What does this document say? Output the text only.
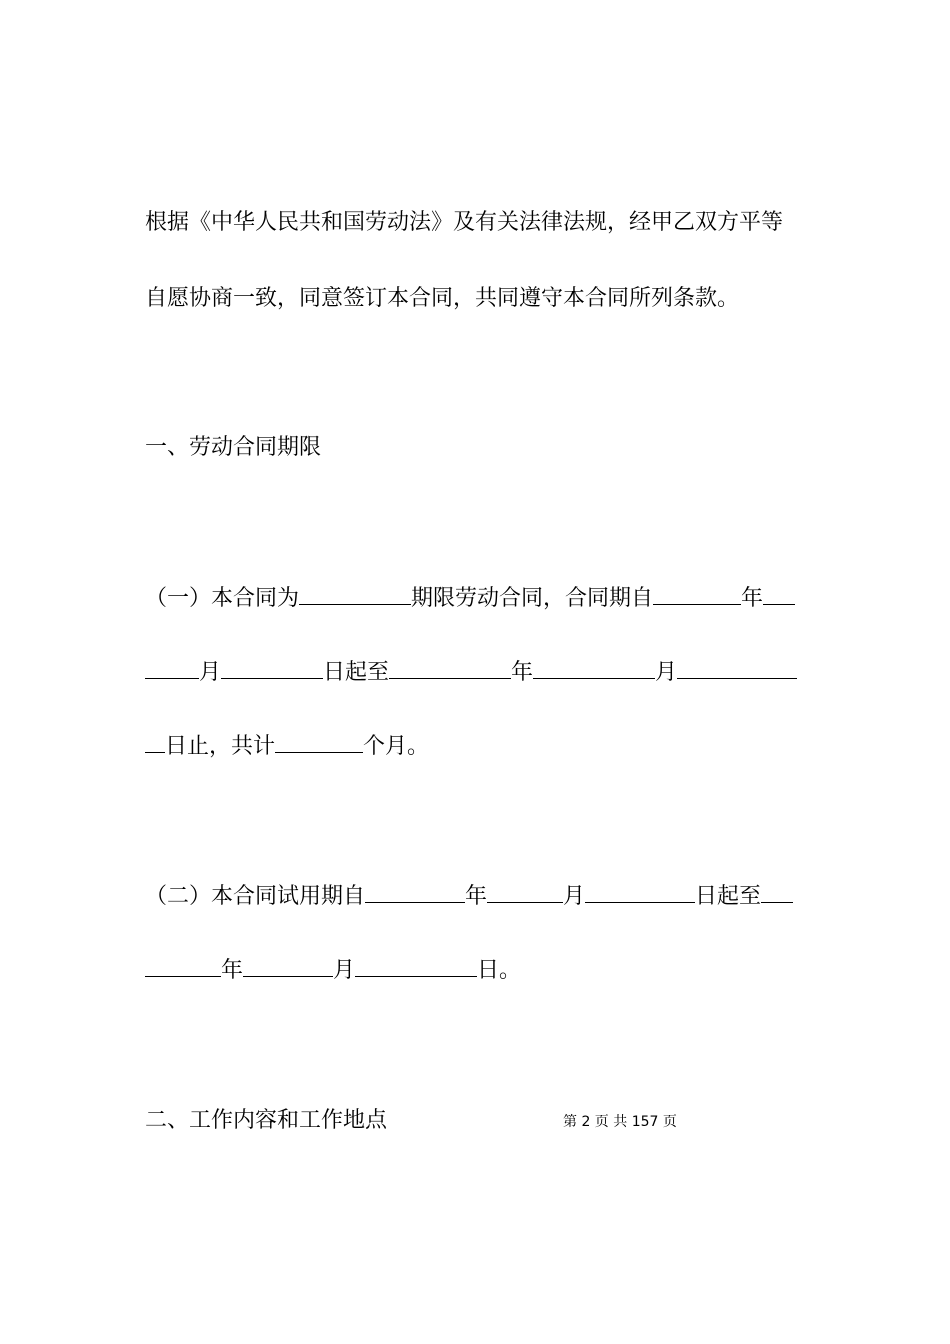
根据《中华人民共和国劳动法》及有关法律法规，经甲乙双方平等
自愿协商一致，同意签订本合同，共同遵守本合同所列条款。
一、劳动合同期限
（一）本合同为	期限劳动合同，合同期自	年
月	日起至	年	月
日止，共计	个月。
（二）本合同试用期自	年	月	日起至
年	月	日。
二、工作内容和工作地点	第 2 页 共 157 页
